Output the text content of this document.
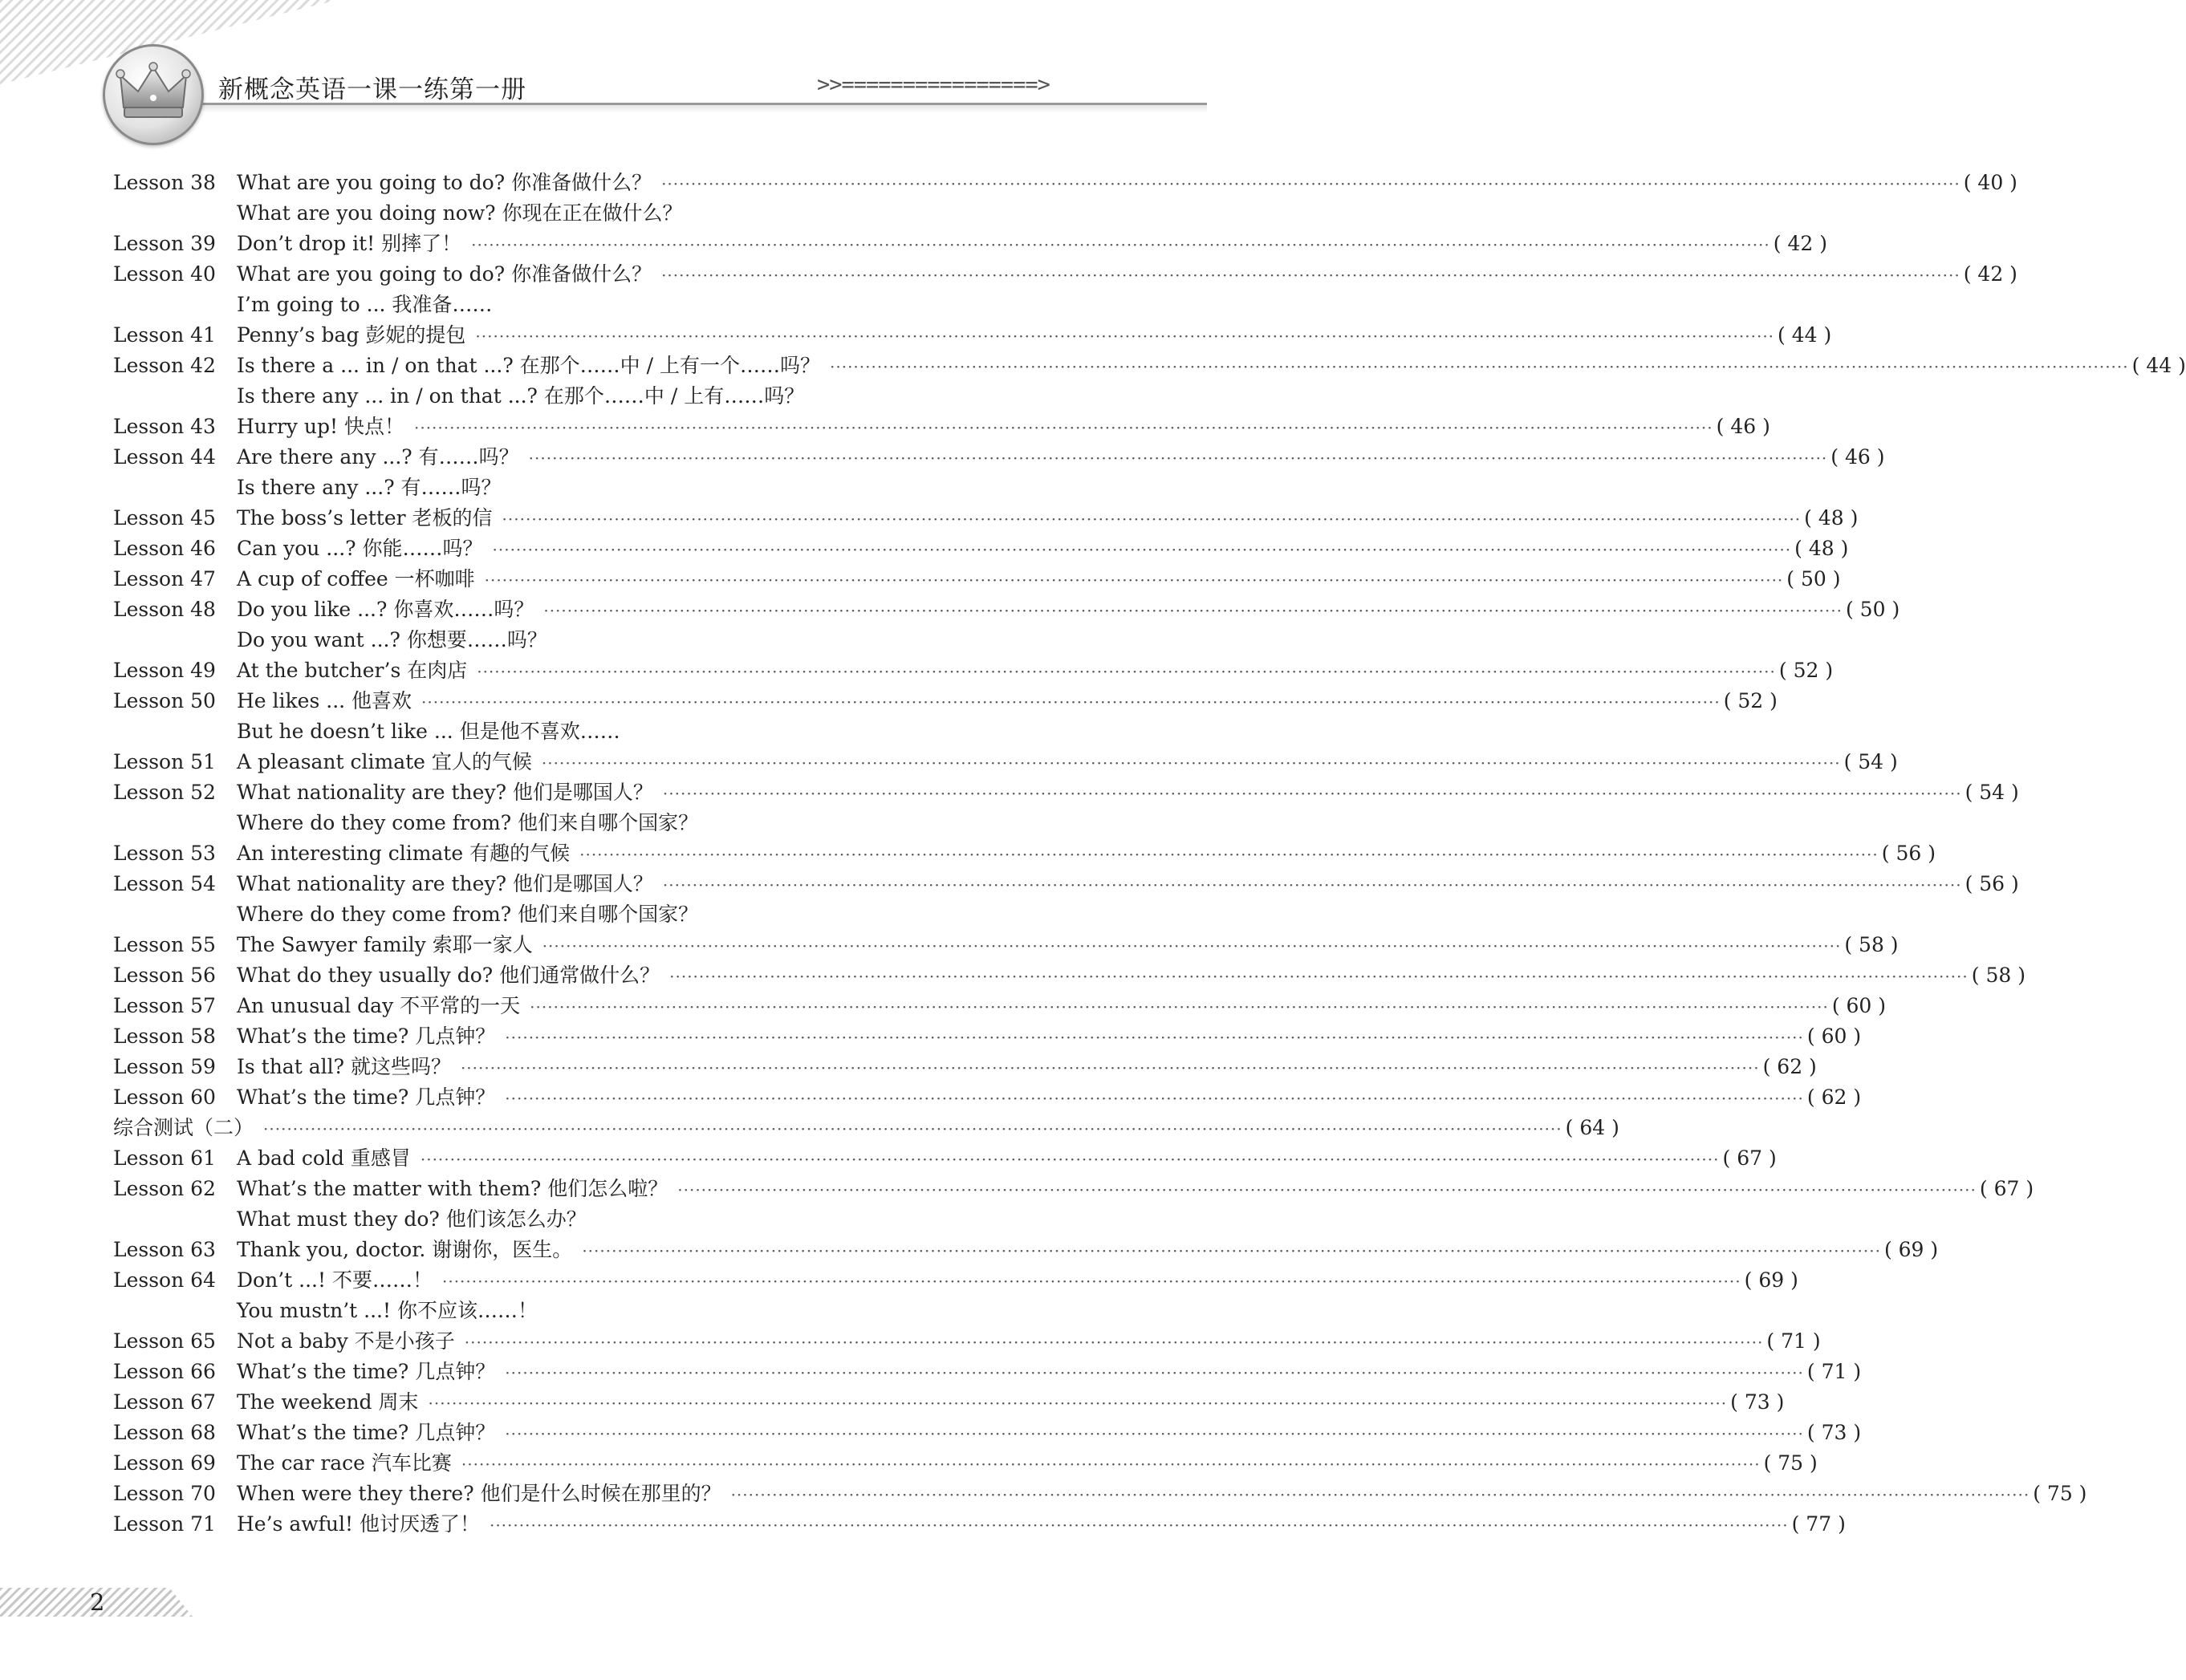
新概念英语一课一练第一册	>>================>
Lesson 38 What are you going to do? 你准备做什么？ ···························································································································································································································· ( 40 )
What are you doing now? 你现在正在做什么？
Lesson 39 Don’t drop it! 别摔了！ ···························································································································································································································· ( 42 )
Lesson 40 What are you going to do? 你准备做什么？ ···························································································································································································································· ( 42 )
I’m going to ... 我准备……
Lesson 41 Penny’s bag 彭妮的提包 ···························································································································································································································· ( 44 )
Lesson 42 Is there a ... in / on that ...? 在那个……中 / 上有一个……吗？ ···························································································································································································································· ( 44 )
Is there any ... in / on that ...? 在那个……中 / 上有……吗？
Lesson 43 Hurry up! 快点！ ···························································································································································································································· ( 46 )
Lesson 44 Are there any ...? 有……吗？ ···························································································································································································································· ( 46 )
Is there any ...? 有……吗？
Lesson 45 The boss’s letter 老板的信 ···························································································································································································································· ( 48 )
Lesson 46 Can you ...? 你能……吗？ ···························································································································································································································· ( 48 )
Lesson 47 A cup of coffee 一杯咖啡 ···························································································································································································································· ( 50 )
Lesson 48 Do you like ...? 你喜欢……吗？ ···························································································································································································································· ( 50 )
Do you want ...? 你想要……吗？
Lesson 49 At the butcher’s 在肉店 ···························································································································································································································· ( 52 )
Lesson 50 He likes ... 他喜欢 ···························································································································································································································· ( 52 )
But he doesn’t like ... 但是他不喜欢……
Lesson 51 A pleasant climate 宜人的气候 ···························································································································································································································· ( 54 )
Lesson 52 What nationality are they? 他们是哪国人？ ···························································································································································································································· ( 54 )
Where do they come from? 他们来自哪个国家？
Lesson 53 An interesting climate 有趣的气候 ···························································································································································································································· ( 56 )
Lesson 54 What nationality are they? 他们是哪国人？ ···························································································································································································································· ( 56 )
Where do they come from? 他们来自哪个国家？
Lesson 55 The Sawyer family 索耶一家人 ···························································································································································································································· ( 58 )
Lesson 56 What do they usually do? 他们通常做什么？ ···························································································································································································································· ( 58 )
Lesson 57 An unusual day 不平常的一天 ···························································································································································································································· ( 60 )
Lesson 58 What’s the time? 几点钟？ ···························································································································································································································· ( 60 )
Lesson 59 Is that all? 就这些吗？ ···························································································································································································································· ( 62 )
Lesson 60 What’s the time? 几点钟？ ···························································································································································································································· ( 62 )
综合测试（二） ···························································································································································································································· ( 64 )
Lesson 61 A bad cold 重感冒 ···························································································································································································································· ( 67 )
Lesson 62 What’s the matter with them? 他们怎么啦？ ···························································································································································································································· ( 67 )
What must they do? 他们该怎么办？
Lesson 63 Thank you, doctor. 谢谢你，医生。 ···························································································································································································································· ( 69 )
Lesson 64 Don’t ...! 不要……！ ···························································································································································································································· ( 69 )
You mustn’t ...! 你不应该……！
Lesson 65 Not a baby 不是小孩子 ···························································································································································································································· ( 71 )
Lesson 66 What’s the time? 几点钟？ ···························································································································································································································· ( 71 )
Lesson 67 The weekend 周末 ···························································································································································································································· ( 73 )
Lesson 68 What’s the time? 几点钟？ ···························································································································································································································· ( 73 )
Lesson 69 The car race 汽车比赛 ···························································································································································································································· ( 75 )
Lesson 70 When were they there? 他们是什么时候在那里的？ ···························································································································································································································· ( 75 )
Lesson 71 He’s awful! 他讨厌透了！ ···························································································································································································································· ( 77 )
2
